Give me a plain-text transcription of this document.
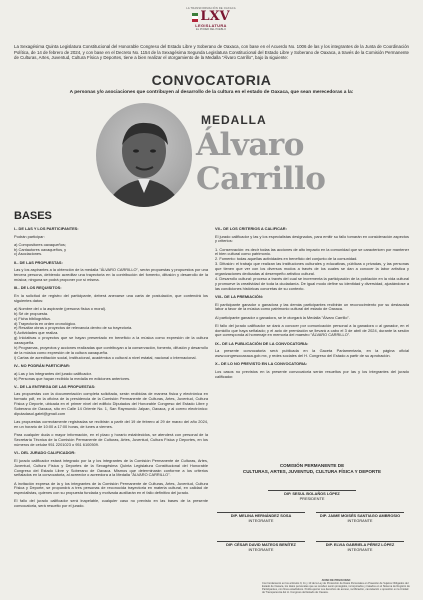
LA TRANSFORMACIÓN DE OAXACA
LXV
LEGISLATURA
EL PODER DEL PUEBLO
La Sexagésima Quinta Legislatura Constitucional del Honorable Congreso del Estado Libre y Soberano de Oaxaca, con base en el Acuerdo No. 1006 de las y los integrantes de la Junta de Coordinación Política, de 14 de febrero de 2024, y con base en el Decreto No. 1154 de la Sexagésima Segunda Legislatura Constitucional del Estado Libre y Soberano de Oaxaca, a través de la Comisión Permanente de Culturas, Artes, Juventud, Cultura Física y Deportes, tiene a bien realizar el otorgamiento de la Medalla "Álvaro Carrillo", bajo la siguiente:
CONVOCATORIA
A personas y/o asociaciones que contribuyen al desarrollo de la cultura en el estado de Oaxaca, que sean merecedoras a la:
MEDALLA
Álvaro
Carrillo
BASES
I.- DE LAS Y LOS PARTICIPANTES:

Podrán participar:

a) Compositores oaxaqueños;

b) Cantautores oaxaqueños, y

c) Asociaciones.

II.- DE LAS PROPUESTAS:

Las y los aspirantes a la obtención de la medalla "ÁLVARO CARRILLO", serán propuestas y propuestos por una tercera persona, debiendo acreditar una trayectoria en la contribución del fomento, difusión y desarrollo de la música; ninguna se podrá proponer por sí misma.

III.- DE LOS REQUISITOS:

En la solicitud de registro del participante, deberá anexarse una carta de postulación, que contendrá los siguientes datos:

a) Nombre del o la aspirante (persona física o moral).

b) Sé de propuesta.

c) Ficha bibliográfica.

d) Trayectoria en orden cronológico.

e) Resaltar obras o proyectos de relevancia dentro de su trayectoria.

f) Actividades que realiza.

g) Iniciativas o proyectos que se hayan presentado en beneficio a la música como expresión de la cultura oaxaqueña.

h) Programas, proyectos y acciones realizadas que contribuyan a la conservación, fomento, difusión y desarrollo de la música como expresión de la cultura oaxaqueña.

i) Cartas de acreditación social, institucional, académica o cultural a nivel estatal, nacional o internacional.

IV.- NO PODRÁN PARTICIPAR:

a) Las y los integrantes del jurado calificador.

b) Personas que hayan recibido la medalla en ediciones anteriores.

V.- DE LA ENTREGA DE LAS PROPUESTAS:

Las propuestas con la documentación completa solicitada, serán recibidas de manera física y electrónica en formato pdf, en la oficina de la presidencia de la Comisión Permanente de Culturas, Artes, Juventud, Cultura Física y Deporte, ubicada en el primer nivel del edificio Diputados del Honorable Congreso del Estado Libre y Soberano de Oaxaca, sito en Calle 14 Oriente No. 1, San Raymundo Jalpan, Oaxaca, y al correo electrónico: diputadasol.gatel@gmail.com

Las propuestas correctamente registradas se recibirán a partir del 19 de febrero al 29 de marzo del año 2024, en un horario de 10:00 a 17:00 horas, de lunes a viernes.

Para cualquier duda o mayor información, en el plazo y horario establecidos, se atenderá con personal de la Secretaría Técnica de la Comisión Permanente de Culturas, Artes, Juventud, Cultura Física y Deportes, en los números de celular 951 2201023 o 951 6100509.

VI.- DEL JURADO CALIFICADOR:

El jurado calificador estará integrado por la y los integrantes de la Comisión Permanente de Culturas, Artes, Juventud, Cultura Física y Deportes de la Sexagésima Quinta Legislatura Constitucional del Honorable Congreso del Estado Libre y Soberano de Oaxaca. Mismos que determinarán conforme a los criterios señalados en la convocatoria, al acreedor o acreedora a la Medalla "ÁLVARO CARRILLO".

A invitación expresa de la y los integrantes de la Comisión Permanente de Culturas, Artes, Juventud, Cultura Física y Deporte, se propondrá a tres personas de reconocida trayectoria en materia cultural, en calidad de especialistas, quienes con su propuesta fundada y motivada auxiliarán en el fallo definitivo del jurado.

El fallo del jurado calificador será inapelable, cualquier caso no previsto en las bases de la presente convocatoria, será resuelto por el jurado.

VII.- DE LOS CRITERIOS A CALIFICAR:

El jurado calificador y las y los especialistas designados, para emitir su fallo tomarán en consideración aspectos y criterios:

1. Conservación: es decir todas las acciones de alto impacto en la comunidad que se caractericen por mantener el bien cultural como patrimonio.

2. Fomento: todas aquellas actividades en beneficio del conjunto de la comunidad.

3. Difusión: el trabajo que realizan las instituciones culturales y educativas, públicas o privadas, y las personas que tienen que ver con los diversos modos a través de los cuales se dan a conocer la labor artística y organizaciones dedicadas al desempeño artístico cultural.

4. Desarrollo cultural: proceso a través del cual se incrementa la participación de la población en la vida cultural y promueve la creatividad de toda la ciudadanía. De igual modo define su identidad y diversidad, ajustándose a las condiciones históricas concretas de su contexto.

VIII.- DE LA PREMIACIÓN:

El participante ganador o ganadora y las demás participantes recibirán un reconocimiento por su destacada labor a favor de la música como patrimonio cultural del estado de Oaxaca.

Al participante ganador o ganadora, se le otorgará la Medalla "Álvaro Carrillo".

El fallo del jurado calificador se dará a conocer por comunicación personal a la ganadora o al ganador, en el domicilio que haya señalado; y el acto de premiación se llevará a cabo el 3 de abril de 2024, durante la sesión que corresponda al homenaje en memoria del maestro "ÁLVARO CARRILLO".

IX.- DE LA PUBLICACIÓN DE LA CONVOCATORIA:

La presente convocatoria será publicada en la Gaceta Parlamentaria, en la página oficial www.congresooaxaca.gob.mx, y redes sociales del H. Congreso del Estado a partir de su aprobación.

X.- DE LO NO PREVISTO EN LA CONVOCATORIA:

Los casos no previstos en la presente convocatoria serán resueltos por las y los integrantes del jurado calificador.

COMISIÓN PERMANENTE DE
CULTURAS, ARTES, JUVENTUD, CULTURA FÍSICA Y DEPORTE
DIP. SESUL BOLAÑOS LÓPEZ
PRESIDENTE
DIP. MELINA HERNÁNDEZ SOSA
INTEGRANTE
DIP. JAIME MOISÉS SANTIAGO AMBROSIO
INTEGRANTE
DIP. CÉSAR DAVID MATEOS BENÍTEZ
INTEGRANTE
DIP. ELVIA GABRIELA PÉREZ LÓPEZ
INTEGRANTE
AVISO DE PRIVACIDAD
Con fundamento en los artículos 9, 11 y 13 de la Ley de Protección de Datos Personales en Posesión de Sujetos Obligados del Estado de Oaxaca, los datos personales que se recaben serán protegidos, incorporados y tratados en el Sistema de Registro de Participantes, con fines estadísticos. Podrá ejercer sus derechos de acceso, rectificación, cancelación u oposición en la Unidad de Transparencia del H. Congreso del Estado de Oaxaca.
